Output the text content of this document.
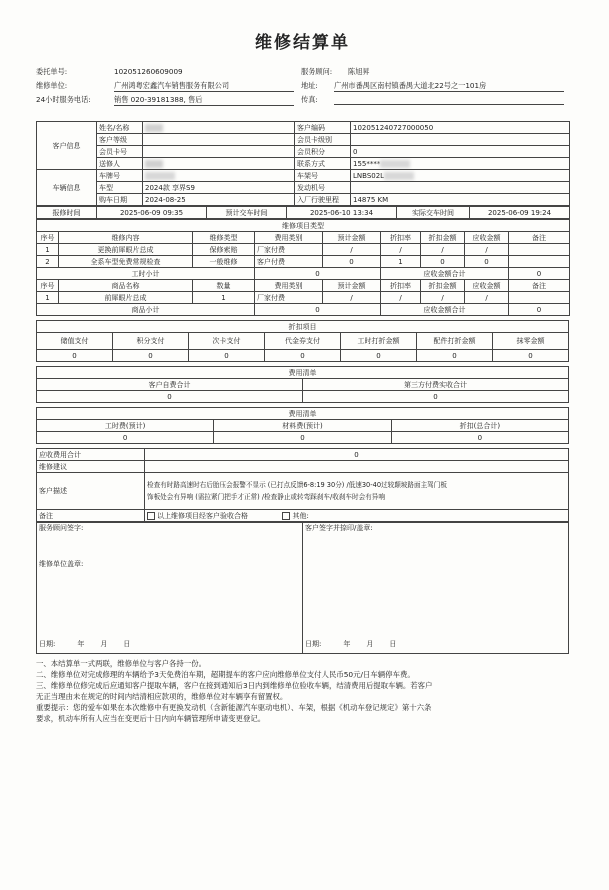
维修结算单
委托单号:	102051260609009	服务顾问: 陈旭昇
维修单位:	广州鸿粤宏鑫汽车销售服务有限公司	地址: 广州市番禺区南村镇番禺大道北22号之一101房
24小时服务电话:	销售 020-39181388, 售后	传真:
客户信息	姓名/名称		客户编码	102051240727000050
	客户等级		会员卡级别	
	会员卡号		会员积分	0
	送修人		联系方式	155****
车辆信息	车牌号		车架号	LNBS02L
	车型	2024款 享界S9	发动机号	
	购车日期	2024-08-25	入厂行驶里程	14875 KM
报修时间	2025-06-09 09:35	预计交车时间	2025-06-10 13:34	实际交车时间	2025-06-09 19:24
维修项目类型								
序号	维修内容	维修类型	费用类别	预计金额	折扣率	折扣金额	应收金额	备注
1	更换前犀眼片总成	保修索赔	厂家付费	/	/	/	/	
2	全系车型免费常规检查	一般维修	客户付费	0	1	0	0	
工时小计			0		应收金额合计			0
序号	商品名称	数量	费用类别	预计金额	折扣率	折扣金额	应收金额	备注
1	前犀眼片总成	1	厂家付费	/	/	/	/	
商品小计			0		应收金额合计			0
折扣项目						
储值支付	积分支付	次卡支付	代金券支付	工时打折金额	配件打折金额	抹零金额
0	0	0	0	0	0	0
费用清单	
客户自费合计	第三方付费实收合计
0	0
费用清单		
工时费(预计)	材料费(预计)	折扣(总合计)
0	0	0
应收费用合计	0
维修建议	
客户描述	检查有时路高速时右后胎压会报警不显示 (已打点反馈6-8:19 30分) /低速30-40过较颠坡路面主驾门板
饰板处会有异响 (需拉紧门把手才正常) /检查静止或转弯踩刹车/收刹车时会有异响

备注	以上维修项目经客户验收合格 其他:
服务顾问签字:
维修单位盖章:
日期:	年 月 日

客户签字并捺印/盖章:
日期:	年 月 日

一、本结算单一式两联，维修单位与客户各持一份。

二、维修单位对完成修理的车辆给予3天免费泊车期，超期提车的客户应向维修单位支付人民币50元/日车辆停车费。

三、维修单位修完成后应通知客户提取车辆，客户在接到通知后3日内到维修单位验收车辆，结清费用后提取车辆。若客户

无正当理由未在规定的时间内结清相应款项的，维修单位对车辆享有留置权。

重要提示：您的爱车如果在本次维修中有更换发动机（含新能源汽车驱动电机）、车架，根据《机动车登记规定》第十六条

要求，机动车所有人应当在变更后十日内向车辆管理所申请变更登记。
